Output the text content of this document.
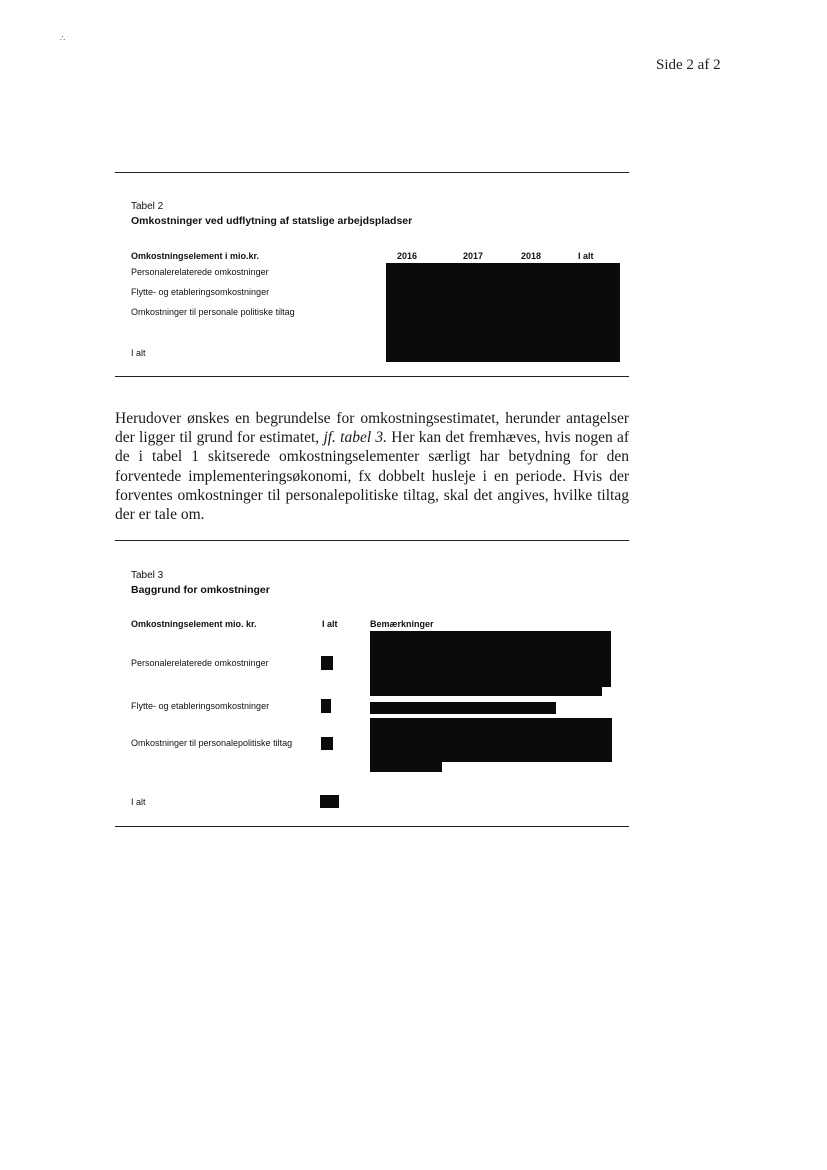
∴
Side 2 af 2
Tabel 2
Omkostninger ved udflytning af statslige arbejdspladser
Omkostningselement i mio.kr.	2016	2017	2018	I alt
Personalerelaterede omkostninger
Flytte- og etableringsomkostninger
Omkostninger til personale politiske tiltag
I alt
Herudover ønskes en begrundelse for omkostningsestimatet, herunder antagelser der ligger til grund for estimatet, jf. tabel 3. Her kan det fremhæves, hvis nogen af de i tabel 1 skitserede omkostningselementer særligt har betydning for den forventede implementeringsøkonomi, fx dobbelt husleje i en periode. Hvis der forventes omkostninger til personalepolitiske tiltag, skal det angives, hvilke tiltag der er tale om.
Tabel 3
Baggrund for omkostninger
Omkostningselement mio. kr.	I alt	Bemærkninger
Personalerelaterede omkostninger
Flytte- og etableringsomkostninger
Omkostninger til personalepolitiske tiltag
I alt
